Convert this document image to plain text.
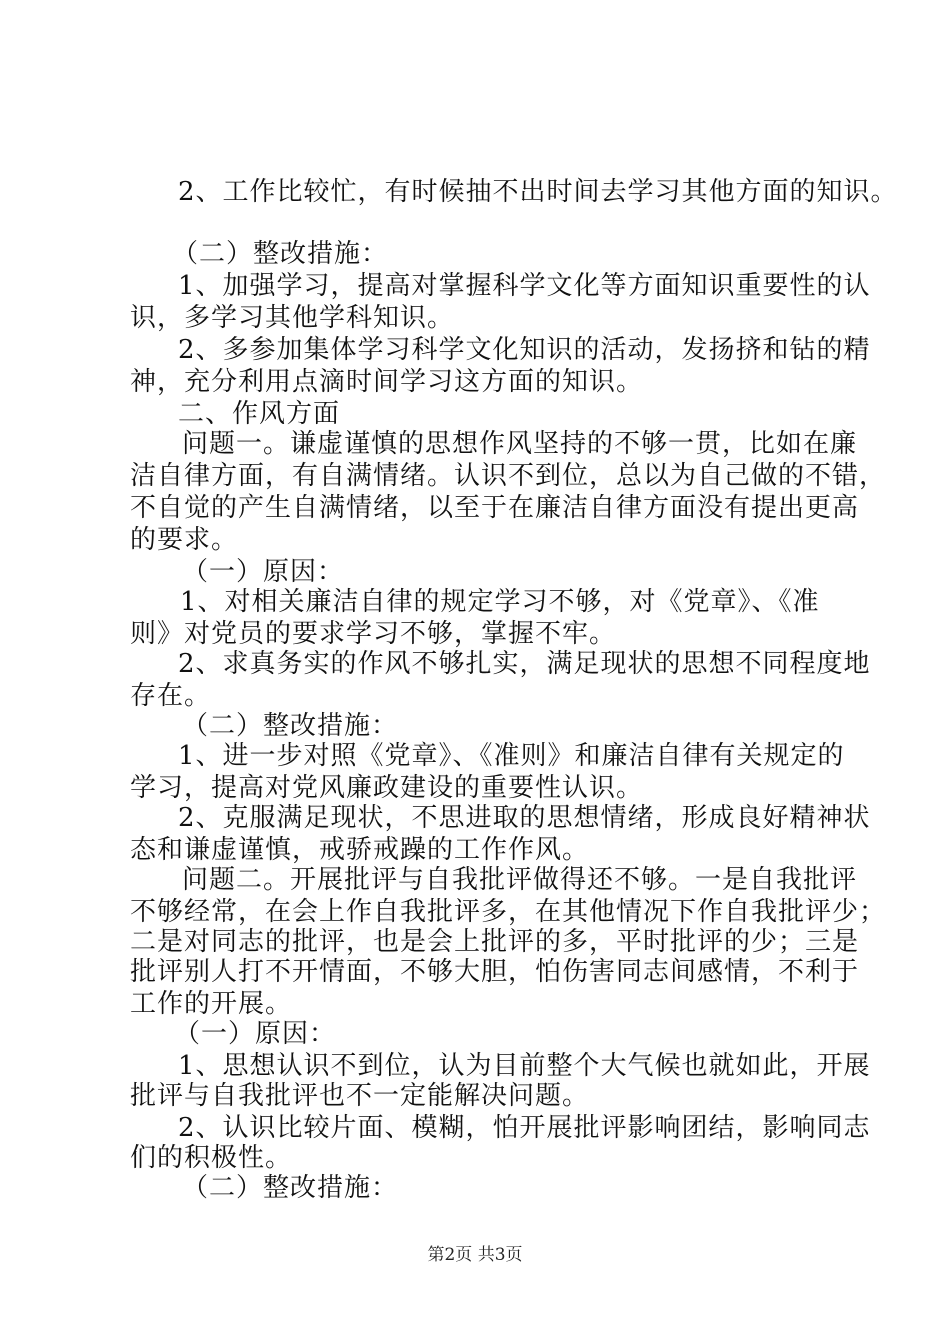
2、工作比较忙，有时候抽不出时间去学习其他方面的知识。
（二）整改措施：
1、加强学习，提高对掌握科学文化等方面知识重要性的认
识，多学习其他学科知识。
2、多参加集体学习科学文化知识的活动，发扬挤和钻的精
神，充分利用点滴时间学习这方面的知识。
二、作风方面
问题一。谦虚谨慎的思想作风坚持的不够一贯，比如在廉
洁自律方面，有自满情绪。认识不到位，总以为自己做的不错，
不自觉的产生自满情绪，以至于在廉洁自律方面没有提出更高
的要求。
（一）原因：
1、对相关廉洁自律的规定学习不够，对《党章》、《准
则》对党员的要求学习不够，掌握不牢。
2、求真务实的作风不够扎实，满足现状的思想不同程度地
存在。
（二）整改措施：
1、进一步对照《党章》、《准则》和廉洁自律有关规定的
学习，提高对党风廉政建设的重要性认识。
2、克服满足现状，不思进取的思想情绪，形成良好精神状
态和谦虚谨慎，戒骄戒躁的工作作风。
问题二。开展批评与自我批评做得还不够。一是自我批评
不够经常，在会上作自我批评多，在其他情况下作自我批评少；
二是对同志的批评，也是会上批评的多，平时批评的少；三是
批评别人打不开情面，不够大胆，怕伤害同志间感情，不利于
工作的开展。
（一）原因：
1、思想认识不到位，认为目前整个大气候也就如此，开展
批评与自我批评也不一定能解决问题。
2、认识比较片面、模糊，怕开展批评影响团结，影响同志
们的积极性。
（二）整改措施：
第2页 共3页
